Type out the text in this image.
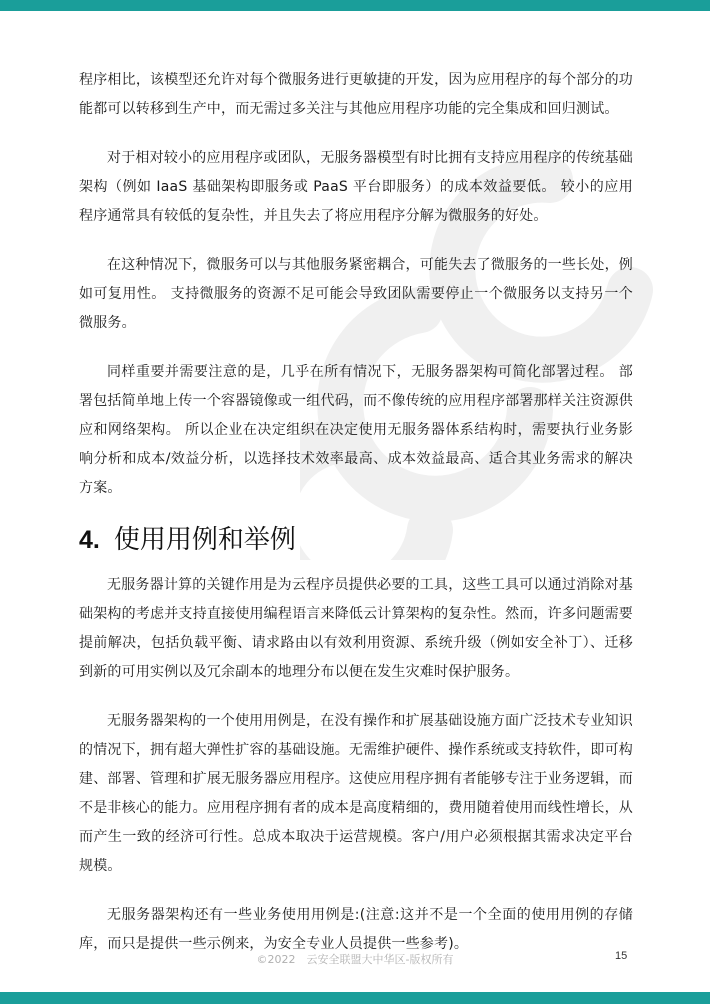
程序相比，该模型还允许对每个微服务进行更敏捷的开发，因为应用程序的每个部分的功能都可以转移到生产中，而无需过多关注与其他应用程序功能的完全集成和回归测试。

对于相对较小的应用程序或团队，无服务器模型有时比拥有支持应用程序的传统基础架构（例如 IaaS 基础架构即服务或 PaaS 平台即服务）的成本效益要低。 较小的应用程序通常具有较低的复杂性，并且失去了将应用程序分解为微服务的好处。

在这种情况下，微服务可以与其他服务紧密耦合，可能失去了微服务的一些长处，例如可复用性。 支持微服务的资源不足可能会导致团队需要停止一个微服务以支持另一个微服务。

同样重要并需要注意的是，几乎在所有情况下，无服务器架构可简化部署过程。 部署包括简单地上传一个容器镜像或一组代码，而不像传统的应用程序部署那样关注资源供应和网络架构。 所以企业在决定组织在决定使用无服务器体系结构时，需要执行业务影响分析和成本/效益分析，以选择技术效率最高、成本效益最高、适合其业务需求的解决方案。

4. 使用用例和举例

无服务器计算的关键作用是为云程序员提供必要的工具，这些工具可以通过消除对基础架构的考虑并支持直接使用编程语言来降低云计算架构的复杂性。然而，许多问题需要提前解决，包括负载平衡、请求路由以有效利用资源、系统升级（例如安全补丁）、迁移到新的可用实例以及冗余副本的地理分布以便在发生灾难时保护服务。

无服务器架构的一个使用用例是，在没有操作和扩展基础设施方面广泛技术专业知识的情况下，拥有超大弹性扩容的基础设施。无需维护硬件、操作系统或支持软件，即可构建、部署、管理和扩展无服务器应用程序。这使应用程序拥有者能够专注于业务逻辑，而不是非核心的能力。应用程序拥有者的成本是高度精细的，费用随着使用而线性增长，从而产生一致的经济可行性。总成本取决于运营规模。客户/用户必须根据其需求决定平台规模。

无服务器架构还有一些业务使用用例是:(注意:这并不是一个全面的使用用例的存储库，而只是提供一些示例来，为安全专业人员提供一些参考)。

©2022　云安全联盟大中华区-版权所有	15
